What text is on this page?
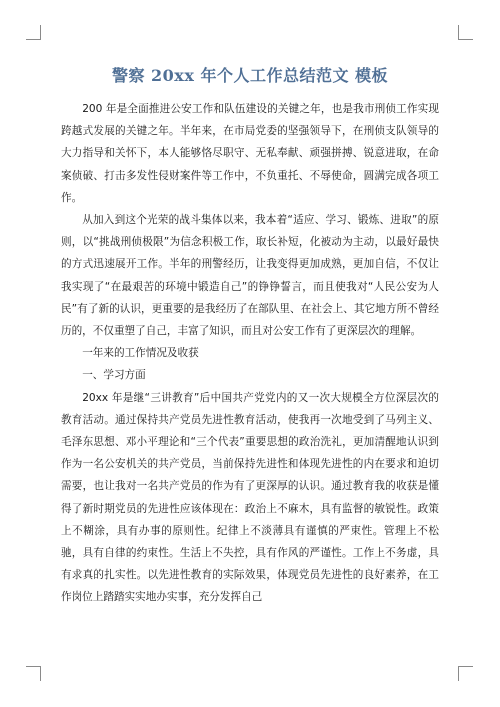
警察 20xx 年个人工作总结范文 模板

200 年是全面推进公安工作和队伍建设的关键之年，也是我市刑侦工作实现跨越式发展的关键之年。半年来，在市局党委的坚强领导下，在刑侦支队领导的大力指导和关怀下，本人能够恪尽职守、无私奉献、顽强拼搏、锐意进取，在命案侦破、打击多发性侵财案件等工作中，不负重托、不辱使命，圆满完成各项工作。

从加入到这个光荣的战斗集体以来，我本着“适应、学习、锻炼、进取”的原则，以“挑战刑侦极限”为信念积极工作，取长补短，化被动为主动，以最好最快的方式迅速展开工作。半年的刑警经历，让我变得更加成熟，更加自信，不仅让我实现了“在最艰苦的环境中锻造自己”的铮铮誓言，而且使我对“人民公安为人民”有了新的认识，更重要的是我经历了在部队里、在社会上、其它地方所不曾经历的，不仅重塑了自己，丰富了知识，而且对公安工作有了更深层次的理解。

一年来的工作情况及收获

一、学习方面

20xx 年是继“三讲教育”后中国共产党党内的又一次大规模全方位深层次的教育活动。通过保持共产党员先进性教育活动，使我再一次地受到了马列主义、毛泽东思想、邓小平理论和“三个代表”重要思想的政治洗礼，更加清醒地认识到作为一名公安机关的共产党员，当前保持先进性和体现先进性的内在要求和迫切需要，也让我对一名共产党员的作为有了更深厚的认识。通过教育我的收获是懂得了新时期党员的先进性应该体现在：政治上不麻木，具有监督的敏锐性。政策上不糊涂，具有办事的原则性。纪律上不淡薄具有谨慎的严束性。管理上不松驰，具有自律的约束性。生活上不失控，具有作风的严谨性。工作上不务虚，具有求真的扎实性。以先进性教育的实际效果，体现党员先进性的良好素养，在工作岗位上踏踏实实地办实事，充分发挥自己
